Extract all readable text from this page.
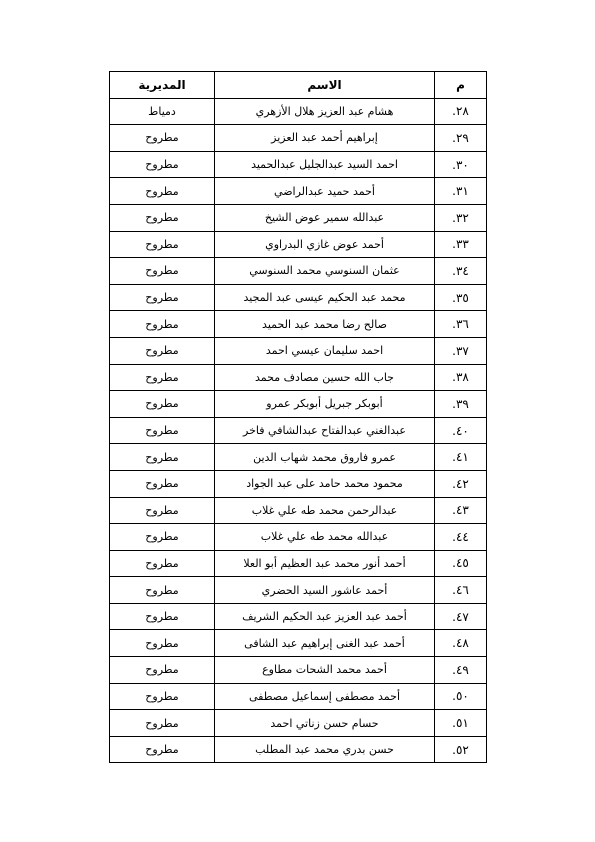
م	الاسم	المديرية
٢٨.	هشام عبد العزيز هلال الأزهري	دمياط
٢٩.	إبراهيم أحمد عبد العزيز	مطروح
٣٠.	احمد السيد عبدالجليل عبدالحميد	مطروح
٣١.	أحمد حميد عبدالراضي	مطروح
٣٢.	عبدالله سمير عوض الشيخ	مطروح
٣٣.	أحمد عوض غازي البدراوي	مطروح
٣٤.	عثمان السنوسي محمد السنوسي	مطروح
٣٥.	محمد عبد الحكيم عيسى عبد المجيد	مطروح
٣٦.	صالح رضا محمد عبد الحميد	مطروح
٣٧.	احمد سليمان عيسي احمد	مطروح
٣٨.	جاب الله حسين مصادف محمد	مطروح
٣٩.	أبوبكر جبريل أبوبكر عمرو	مطروح
٤٠.	عبدالغني عبدالفتاح عبدالشافي فاخر	مطروح
٤١.	عمرو فاروق محمد شهاب الدين	مطروح
٤٢.	محمود محمد حامد على عبد الجواد	مطروح
٤٣.	عبدالرحمن محمد طه علي غلاب	مطروح
٤٤.	عبدالله محمد طه علي غلاب	مطروح
٤٥.	أحمد أنور محمد عبد العظيم أبو العلا	مطروح
٤٦.	أحمد عاشور السيد الحضري	مطروح
٤٧.	أحمد عبد العزيز عبد الحكيم الشريف	مطروح
٤٨.	أحمد عبد الغنى إبراهيم عبد الشافى	مطروح
٤٩.	أحمد محمد الشحات مطاوع	مطروح
٥٠.	أحمد مصطفى إسماعيل مصطفى	مطروح
٥١.	حسام حسن زناتي احمد	مطروح
٥٢.	حسن بدري محمد عبد المطلب	مطروح
